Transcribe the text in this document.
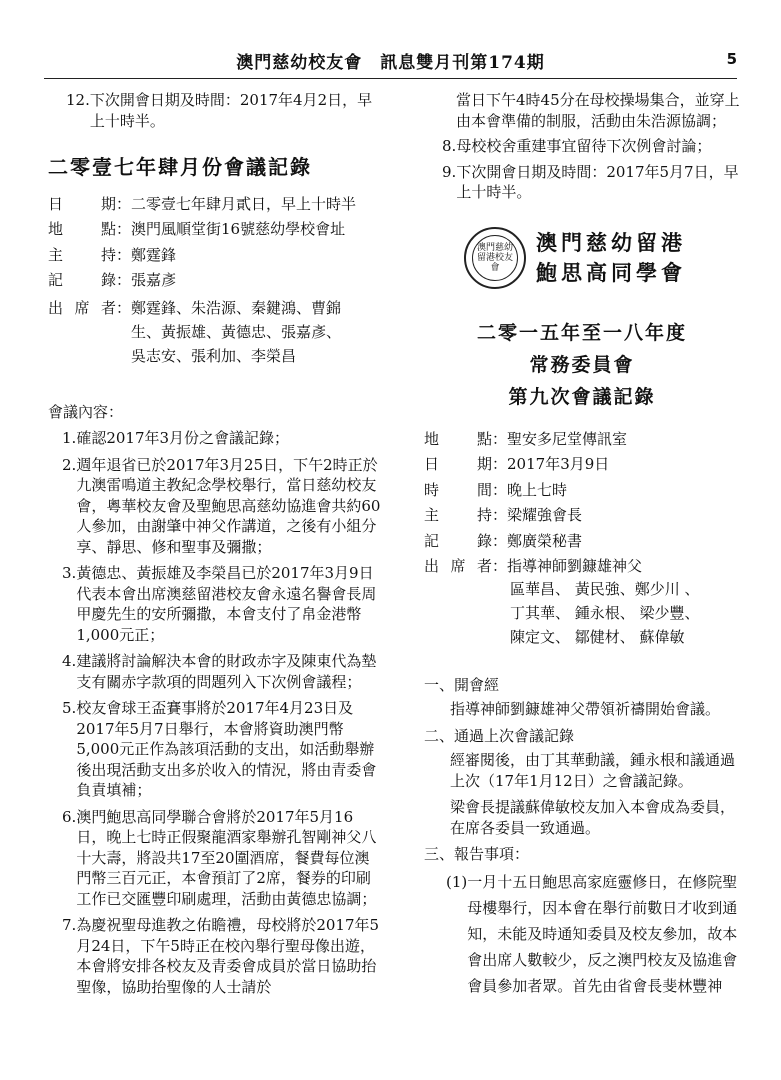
澳門慈幼校友會　訊息雙月刊第174期	5
12. 下次開會日期及時間：2017年4月2日，早上十時半。
二零壹七年肆月份會議記錄
日　期 ： 二零壹七年肆月貳日，早上十時半
地　點 ： 澳門風順堂街16號慈幼學校會址
主　持 ： 鄭霆鋒
記　錄 ： 張嘉彥
出席者 ： 鄭霆鋒、朱浩源、秦鍵鴻、曹錦生、黃振雄、黃德忠、張嘉彥、吳志安、張利加、李榮昌
會議內容：
1. 確認2017年3月份之會議記錄；
2. 週年退省已於2017年3月25日，下午2時正於九澳雷鳴道主教紀念學校舉行，當日慈幼校友會，粵華校友會及聖鮑思高慈幼協進會共約60人參加，由謝肇中神父作講道，之後有小組分享、靜思、修和聖事及彌撒；
3. 黃德忠、黃振雄及李榮昌已於2017年3月9日代表本會出席澳慈留港校友會永遠名譽會長周甲慶先生的安所彌撒，本會支付了帛金港幣1,000元正；
4. 建議將討論解決本會的財政赤字及陳東代為墊支有關赤字款項的問題列入下次例會議程；
5. 校友會球王盃賽事將於2017年4月23日及2017年5月7日舉行，本會將資助澳門幣5,000元正作為該項活動的支出，如活動舉辦後出現活動支出多於收入的情況，將由青委會負責填補；
6. 澳門鮑思高同學聯合會將於2017年5月16日，晚上七時正假聚龍酒家舉辦孔智剛神父八十大壽，將設共17至20圍酒席，餐費每位澳門幣三百元正，本會預訂了2席，餐券的印刷工作已交匯豐印刷處理，活動由黃德忠協調；
7. 為慶祝聖母進教之佑瞻禮，母校將於2017年5月24日，下午5時正在校內舉行聖母像出遊，本會將安排各校友及青委會成員於當日協助抬聖像，協助抬聖像的人士請於
當日下午4時45分在母校操場集合，並穿上由本會準備的制服，活動由朱浩源協調；
8. 母校校舍重建事宜留待下次例會討論；
9. 下次開會日期及時間：2017年5月7日，早上十時半。
澳門慈幼留港校友會
澳門慈幼留港
鮑思高同學會
二零一五年至一八年度
常務委員會
第九次會議記錄
地　點 ： 聖安多尼堂傳訊室
日　期 ： 2017年3月9日
時　間 ： 晚上七時
主　持 ： 梁耀強會長
記　錄 ： 鄭廣榮秘書
出席者 ： 指導神師劉鏮雄神父
區華昌、 黃民強、鄭少川 、
丁其華、 鍾永根、 梁少豐、
陳定文、 鄒健材、 蘇偉敏
一、開會經
指導神師劉鏮雄神父帶領祈禱開始會議。
二、通過上次會議記錄
經審閱後，由丁其華動議，鍾永根和議通過上次（17年1月12日）之會議記錄。
梁會長提議蘇偉敏校友加入本會成為委員，在席各委員一致通過。
三、報告事項：
(1) 一月十五日鮑思高家庭靈修日，在修院聖母樓舉行，因本會在舉行前數日才收到通知，未能及時通知委員及校友參加，故本會出席人數較少，反之澳門校友及協進會會員參加者眾。首先由省會長斐林豐神
